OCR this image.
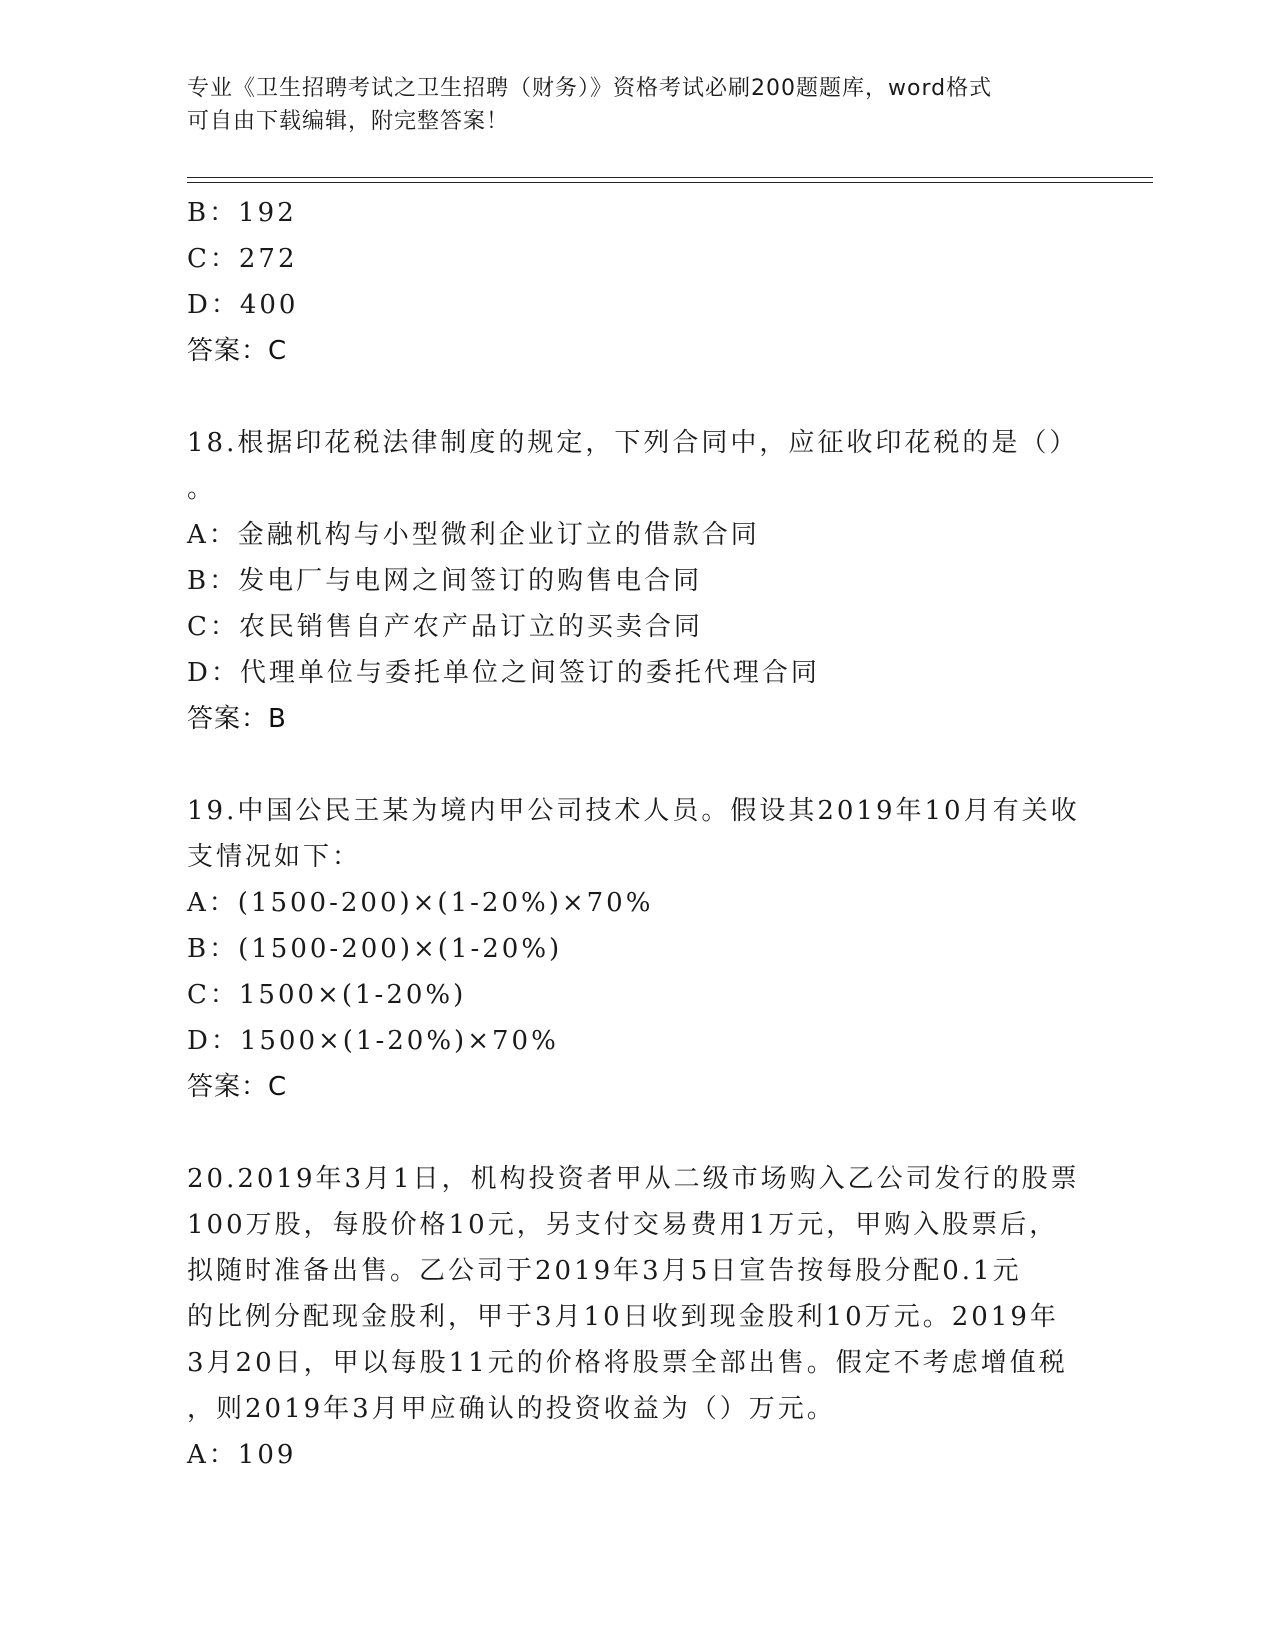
专业《卫生招聘考试之卫生招聘（财务）》资格考试必刷200题题库，word格式
可自由下载编辑，附完整答案！
B：192
C：272
D：400
答案：C
18.根据印花税法律制度的规定，下列合同中，应征收印花税的是（）
。
A：金融机构与小型微利企业订立的借款合同
B：发电厂与电网之间签订的购售电合同
C：农民销售自产农产品订立的买卖合同
D：代理单位与委托单位之间签订的委托代理合同
答案：B
19.中国公民王某为境内甲公司技术人员。假设其2019年10月有关收
支情况如下：
A：(1500-200)×(1-20%)×70%
B：(1500-200)×(1-20%)
C：1500×(1-20%)
D：1500×(1-20%)×70%
答案：C
20.2019年3月1日，机构投资者甲从二级市场购入乙公司发行的股票
100万股，每股价格10元，另支付交易费用1万元，甲购入股票后，
拟随时准备出售。乙公司于2019年3月5日宣告按每股分配0.1元
的比例分配现金股利，甲于3月10日收到现金股利10万元。2019年
3月20日，甲以每股11元的价格将股票全部出售。假定不考虑增值税
，则2019年3月甲应确认的投资收益为（）万元。
A：109
